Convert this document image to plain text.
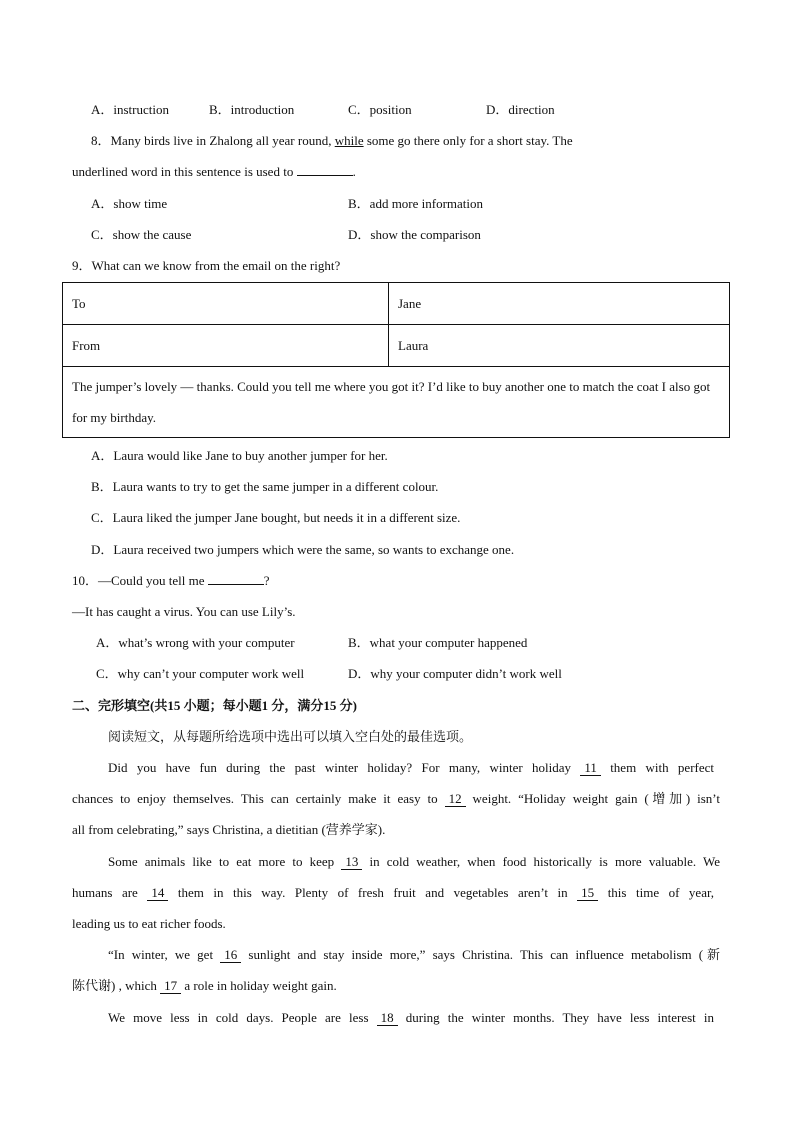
A．instruction	B．introduction	C．position	D．direction
8．Many birds live in Zhalong all year round, while some go there only for a short stay. The
underlined word in this sentence is used to	.
A．show time	B．add more information
C．show the cause	D．show the comparison
9．What can we know from the email on the right?
To	Jane
From	Laura
The jumper’s lovely — thanks. Could you tell me where you got it? I’d like to buy another one to match the coat I also got for my birthday.	
A．Laura would like Jane to buy another jumper for her.
B．Laura wants to try to get the same jumper in a different colour.
C．Laura liked the jumper Jane bought, but needs it in a different size.
D．Laura received two jumpers which were the same, so wants to exchange one.
10．—Could you tell me	?
—It has caught a virus. You can use Lily’s.
A．what’s wrong with your computer	B．what your computer happened
C．why can’t your computer work well	D．why your computer didn’t work well
二、完形填空(共15 小题；每小题1 分，满分15 分)
阅读短文，从每题所给选项中选出可以填入空白处的最佳选项。
Did you have fun during the past winter holiday? For many, winter holiday 11 them with perfect
chances to enjoy themselves. This can certainly make it easy to 12 weight. “Holiday weight gain (增加) isn’t
all from celebrating,” says Christina, a dietitian (营养学家).
Some animals like to eat more to keep 13 in cold weather, when food historically is more valuable. We
humans are 14 them in this way. Plenty of fresh fruit and vegetables aren’t in 15 this time of year,
leading us to eat richer foods.
“In winter, we get 16 sunlight and stay inside more,” says Christina. This can influence metabolism (新
陈代谢) , which 17 a role in holiday weight gain.
We move less in cold days. People are less 18 during the winter months. They have less interest in
